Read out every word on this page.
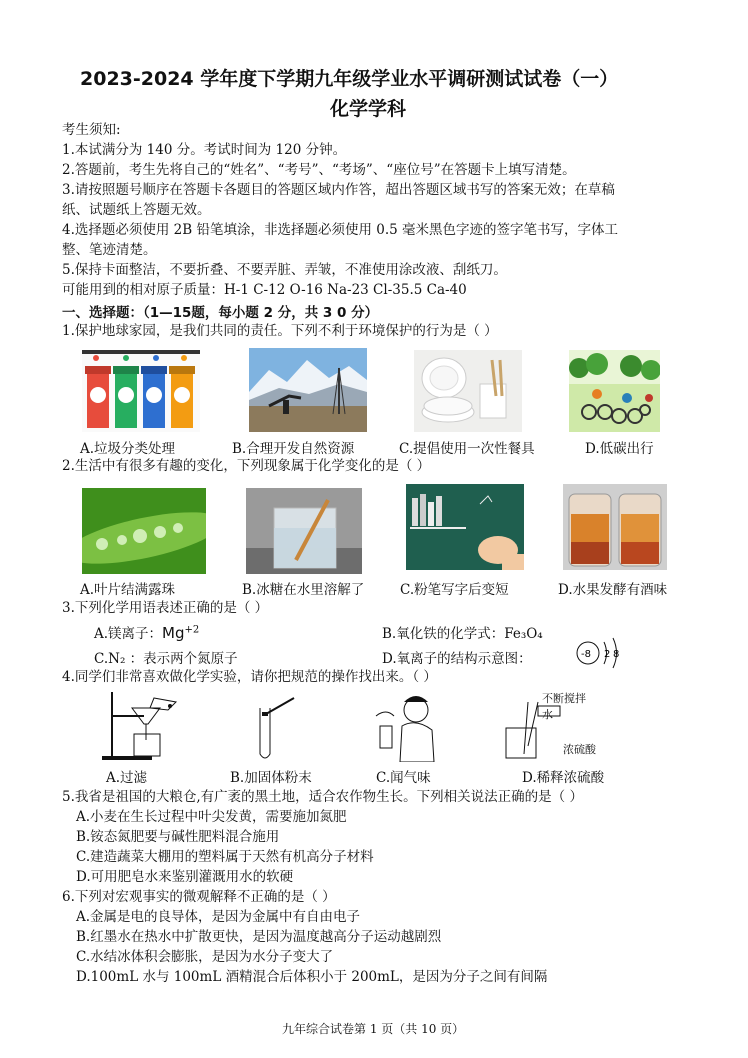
2023-2024 学年度下学期九年级学业水平调研测试试卷（一）
化学学科
考生须知:
1.本试满分为 140 分。考试时间为 120 分钟。
2.答题前，考生先将自己的“姓名”、“考号”、“考场”、“座位号”在答题卡上填写清楚。
3.请按照题号顺序在答题卡各题目的答题区域内作答，超出答题区域书写的答案无效；在草稿
纸、试题纸上答题无效。
4.选择题必须使用 2B 铅笔填涂，非选择题必须使用 0.5 毫米黑色字迹的签字笔书写，字体工
整、笔迹清楚。
5.保持卡面整洁，不要折叠、不要弄脏、弄皱，不准使用涂改液、刮纸刀。
可能用到的相对原子质量：H-1 C-12 O-16 Na-23 Cl-35.5 Ca-40
一、选择题：（1—15题，每小题 2 分，共 3 0 分）
1.保护地球家园，是我们共同的责任。下列不利于环境保护的行为是（ ）
A.垃圾分类处理	B.合理开发自然资源	C.提倡使用一次性餐具	D.低碳出行
2.生活中有很多有趣的变化，下列现象属于化学变化的是（ ）
A.叶片结满露珠	B.冰糖在水里溶解了	C.粉笔写字后变短	D.水果发酵有酒味
3.下列化学用语表述正确的是（ ）
A.镁离子：$Mg^{+2}$	B.氧化铁的化学式：Fe₃O₄
C.N₂ ：表示两个氮原子	D.氧离子的结构示意图：	-8 2 8
4.同学们非常喜欢做化学实验，请你把规范的操作找出来。（ ）
不断搅拌
水
浓硫酸
A.过滤	B.加固体粉末	C.闻气味	D.稀释浓硫酸
5.我省是祖国的大粮仓,有广袤的黑土地，适合农作物生长。下列相关说法正确的是（ ）
A.小麦在生长过程中叶尖发黄，需要施加氮肥
B.铵态氮肥要与碱性肥料混合施用
C.建造蔬菜大棚用的塑料属于天然有机高分子材料
D.可用肥皂水来鉴别灌溉用水的软硬
6.下列对宏观事实的微观解释不正确的是（ ）
A.金属是电的良导体，是因为金属中有自由电子
B.红墨水在热水中扩散更快，是因为温度越高分子运动越剧烈
C.水结冰体积会膨胀，是因为水分子变大了
D.100mL 水与 100mL 酒精混合后体积小于 200mL，是因为分子之间有间隔
九年综合试卷第 1 页（共 10 页）
